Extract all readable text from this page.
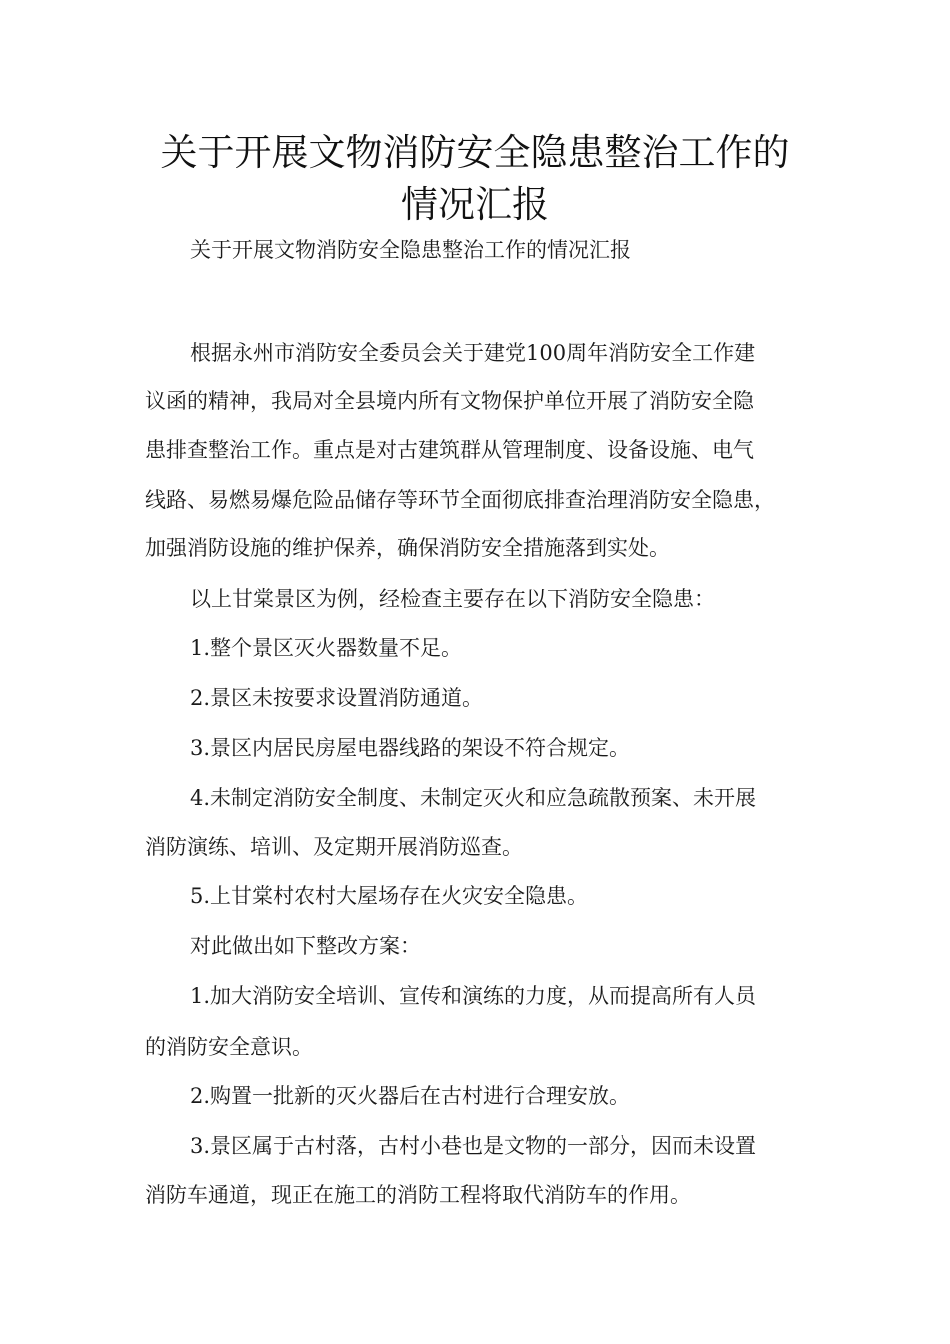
关于开展文物消防安全隐患整治工作的
情况汇报
关于开展文物消防安全隐患整治工作的情况汇报
根据永州市消防安全委员会关于建党100周年消防安全工作建
议函的精神，我局对全县境内所有文物保护单位开展了消防安全隐
患排查整治工作。重点是对古建筑群从管理制度、设备设施、电气
线路、易燃易爆危险品储存等环节全面彻底排查治理消防安全隐患，
加强消防设施的维护保养，确保消防安全措施落到实处。
以上甘棠景区为例，经检查主要存在以下消防安全隐患：
1.整个景区灭火器数量不足。
2.景区未按要求设置消防通道。
3.景区内居民房屋电器线路的架设不符合规定。
4.未制定消防安全制度、未制定灭火和应急疏散预案、未开展
消防演练、培训、及定期开展消防巡查。
5.上甘棠村农村大屋场存在火灾安全隐患。
对此做出如下整改方案：
1.加大消防安全培训、宣传和演练的力度，从而提高所有人员
的消防安全意识。
2.购置一批新的灭火器后在古村进行合理安放。
3.景区属于古村落，古村小巷也是文物的一部分，因而未设置
消防车通道，现正在施工的消防工程将取代消防车的作用。
